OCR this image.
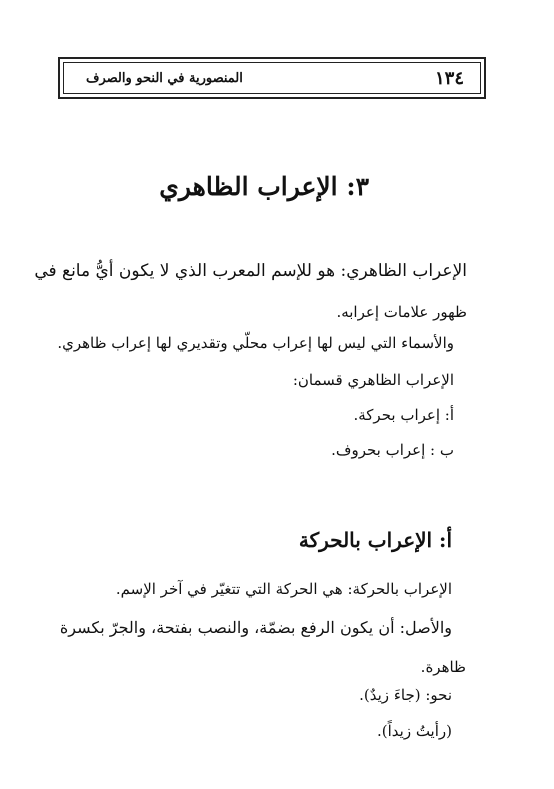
١٣٤
المنصورية في النحو والصرف
٣: الإعراب الظاهري
الإعراب الظاهري: هو للإسم المعرب الذي لا يكون أيُّ مانع في
ظهور علامات إعرابه.
والأسماء التي ليس لها إعراب محلّي وتقديري لها إعراب ظاهري.
الإعراب الظاهري قسمان:
أ: إعراب بحركة.
ب : إعراب بحروف.
أ: الإعراب بالحركة
الإعراب بالحركة: هي الحركة التي تتغيّر في آخر الإسم.
والأصل: أن يكون الرفع بضمّة، والنصب بفتحة، والجرّ بكسرة
ظاهرة.
نحو: (جاءَ زيدٌ).
(رأيتُ زيداً).
